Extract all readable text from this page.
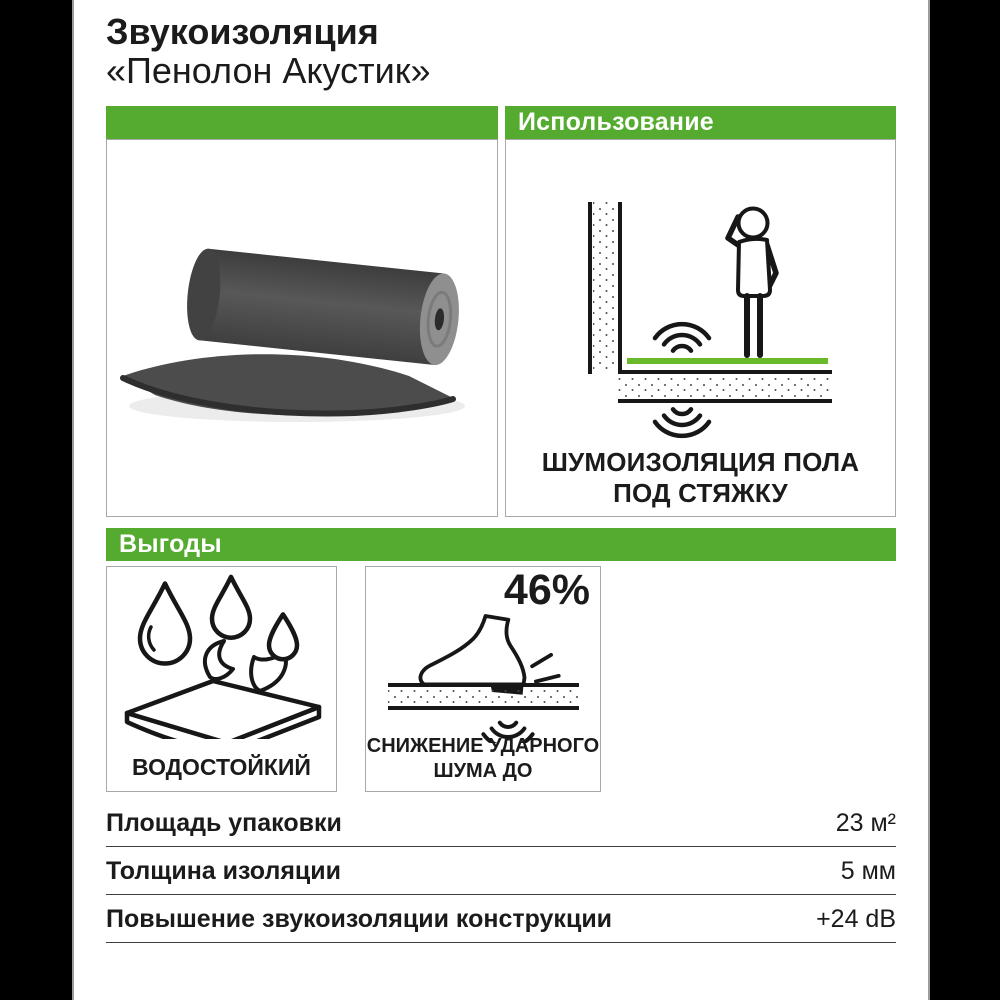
Звукоизоляция
«Пенолон Акустик»
Использование
ШУМОИЗОЛЯЦИЯ ПОЛА
ПОД СТЯЖКУ
Выгоды
ВОДОСТОЙКИЙ
46%
СНИЖЕНИЕ УДАРНОГО
ШУМА ДО
Площадь упаковки	23 м²
Толщина изоляции	5 мм
Повышение звукоизоляции конструкции	+24 dB
